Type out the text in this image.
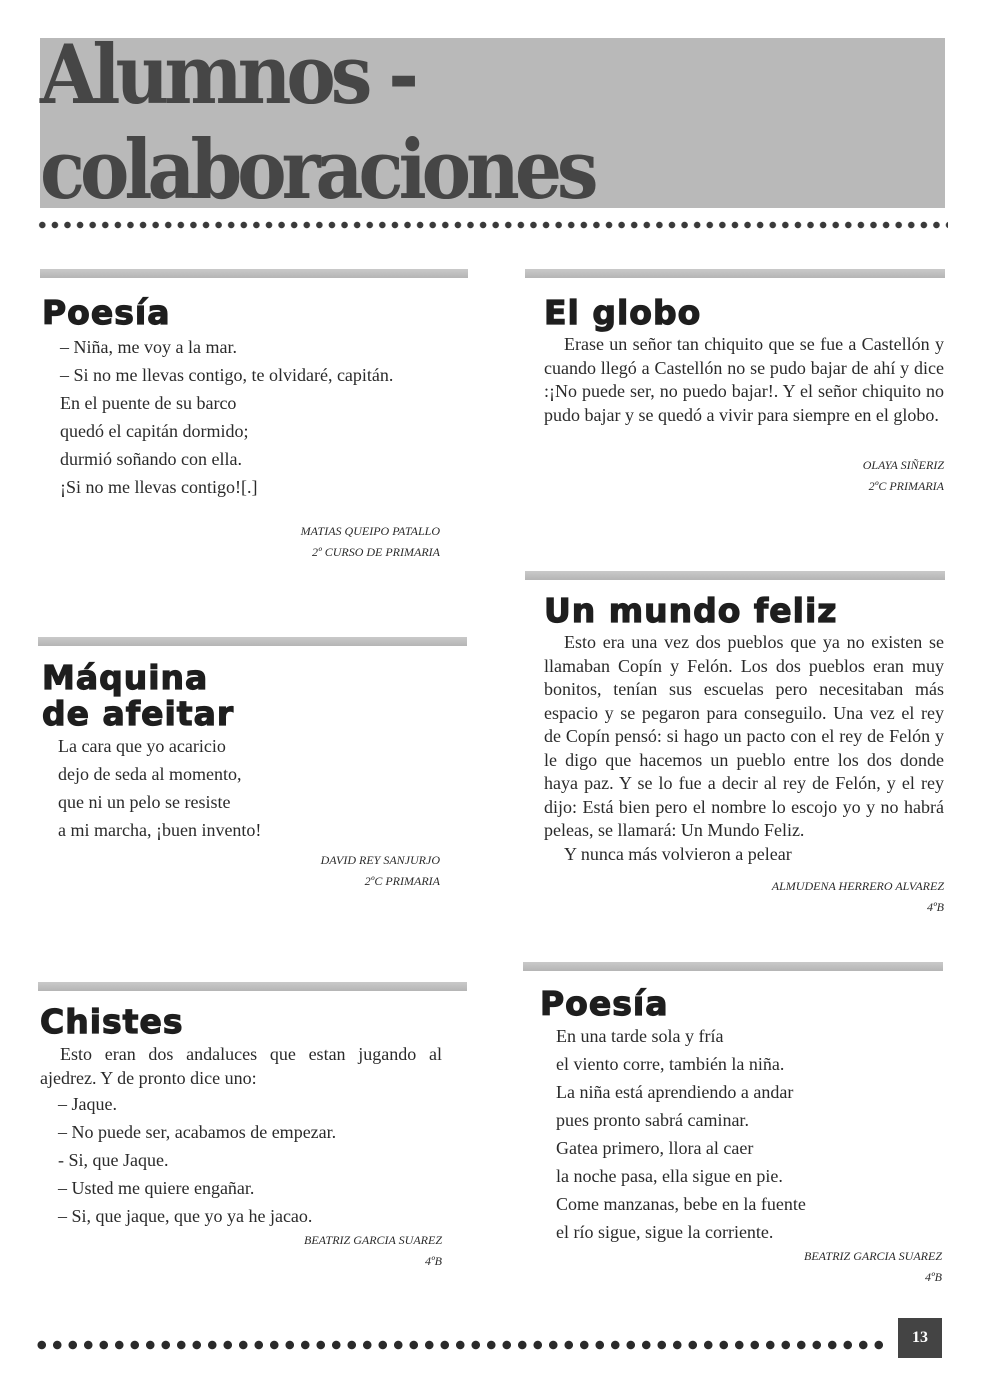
Alumnos - colaboraciones
Poesía
– Niña, me voy a la mar.
– Si no me llevas contigo, te olvidaré, capitán.
En el puente de su barco
quedó el capitán dormido;
durmió soñando con ella.
¡Si no me llevas contigo![.]
MATIAS QUEIPO PATALLO
2º CURSO DE PRIMARIA
El globo
Erase un señor tan chiquito que se fue a Castellón y cuando llegó a Castellón no se pudo bajar de ahí y dice :¡No puede ser, no puedo bajar!. Y el señor chiquito no pudo bajar y se quedó a vivir para siempre en el globo.
OLAYA SIÑERIZ
2ºC PRIMARIA
Máquina
de afeitar
La cara que yo acaricio
dejo de seda al momento,
que ni un pelo se resiste
a mi marcha, ¡buen invento!
DAVID REY SANJURJO
2ºC PRIMARIA
Un mundo feliz
Esto era una vez dos pueblos que ya no existen se llamaban Copín y Felón. Los dos pueblos eran muy bonitos, tenían sus escuelas pero necesitaban más espacio y se pegaron para conseguilo. Una vez el rey de Copín pensó: si hago un pacto con el rey de Felón y le digo que hacemos un pueblo entre los dos donde haya paz. Y se lo fue a decir al rey de Felón, y el rey dijo: Está bien pero el nombre lo escojo yo y no habrá peleas, se llamará: Un Mundo Feliz.
Y nunca más volvieron a pelear
ALMUDENA HERRERO ALVAREZ
4ºB
Chistes
Esto eran dos andaluces que estan jugando al ajedrez. Y de pronto dice uno:
– Jaque.
– No puede ser, acabamos de empezar.
- Si, que Jaque.
– Usted me quiere engañar.
– Si, que jaque, que yo ya he jacao.
BEATRIZ GARCIA SUAREZ
4ºB
Poesía
En una tarde sola y fría
el viento corre, también la niña.
La niña está aprendiendo a andar
pues pronto sabrá caminar.
Gatea primero, llora al caer
la noche pasa, ella sigue en pie.
Come manzanas, bebe en la fuente
el río sigue, sigue la corriente.
BEATRIZ GARCIA SUAREZ
4ºB
13
